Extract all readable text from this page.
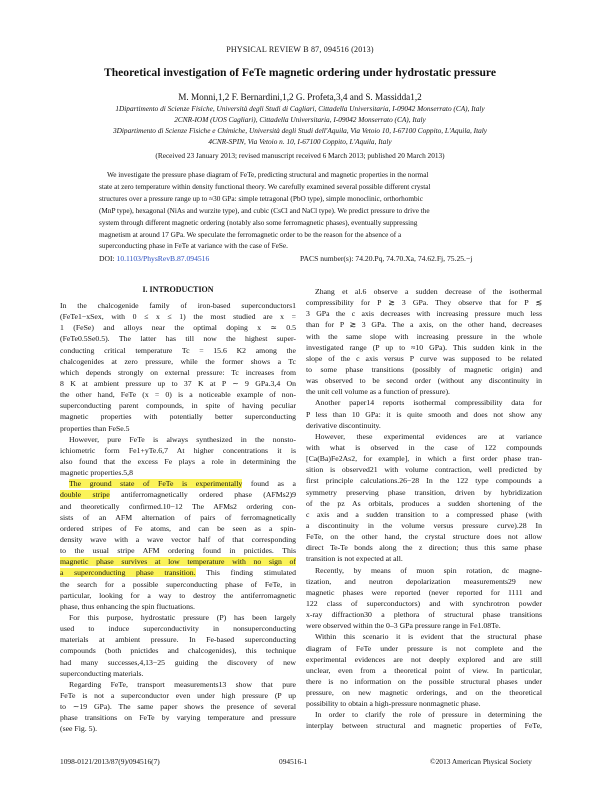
PHYSICAL REVIEW B 87, 094516 (2013)
Theoretical investigation of FeTe magnetic ordering under hydrostatic pressure
M. Monni,1,2 F. Bernardini,1,2 G. Profeta,3,4 and S. Massidda1,2
1Dipartimento di Scienze Fisiche, Università degli Studi di Cagliari, Cittadella Universitaria, I-09042 Monserrato (CA), Italy
2CNR-IOM (UOS Cagliari), Cittadella Universitaria, I-09042 Monserrato (CA), Italy
3Dipartimento di Scienze Fisiche e Chimiche, Università degli Studi dell'Aquila, Via Vetoio 10, I-67100 Coppito, L'Aquila, Italy
4CNR-SPIN, Via Vetoio n. 10, I-67100 Coppito, L'Aquila, Italy
(Received 23 January 2013; revised manuscript received 6 March 2013; published 20 March 2013)
We investigate the pressure phase diagram of FeTe, predicting structural and magnetic properties in the normal
state at zero temperature within density functional theory. We carefully examined several possible different crystal
structures over a pressure range up to ≈30 GPa: simple tetragonal (PbO type), simple monoclinic, orthorhombic
(MnP type), hexagonal (NiAs and wurzite type), and cubic (CsCl and NaCl type). We predict pressure to drive the
system through different magnetic ordering (notably also some ferromagnetic phases), eventually suppressing
magnetism at around 17 GPa. We speculate the ferromagnetic order to be the reason for the absence of a
superconducting phase in FeTe at variance with the case of FeSe.
DOI: 10.1103/PhysRevB.87.094516	PACS number(s): 74.20.Pq, 74.70.Xa, 74.62.Fj, 75.25.−j
I. INTRODUCTION
In the chalcogenide family of iron-based superconductors1
(FeTe1−xSex, with 0 ≤ x ≤ 1) the most studied are x =
1 (FeSe) and alloys near the optimal doping x ≃ 0.5
(FeTe0.5Se0.5). The latter has till now the highest super-
conducting critical temperature Tc = 15.6 K2 among the
chalcogenides at zero pressure, while the former shows a Tc
which depends strongly on external pressure: Tc increases from
8 K at ambient pressure up to 37 K at P ∼ 9 GPa.3,4 On
the other hand, FeTe (x = 0) is a noticeable example of non-
superconducting parent compounds, in spite of having peculiar
magnetic properties with potentially better superconducting
properties than FeSe.5
However, pure FeTe is always synthesized in the nonsto-
ichiometric form Fe1+yTe.6,7 At higher concentrations it is
also found that the excess Fe plays a role in determining the
magnetic properties.5,8
The ground state of FeTe is experimentally found as a
double stripe antiferromagnetically ordered phase (AFMs2)9
and theoretically confirmed.10−12 The AFMs2 ordering con-
sists of an AFM alternation of pairs of ferromagnetically
ordered stripes of Fe atoms, and can be seen as a spin-
density wave with a wave vector half of that corresponding
to the usual stripe AFM ordering found in pnictides. This
magnetic phase survives at low temperature with no sign of
a superconducting phase transition. This finding stimulated
the search for a possible superconducting phase of FeTe, in
particular, looking for a way to destroy the antiferromagnetic
phase, thus enhancing the spin fluctuations.
For this purpose, hydrostatic pressure (P) has been largely
used to induce superconductivity in nonsuperconducting
materials at ambient pressure. In Fe-based superconducting
compounds (both pnictides and chalcogenides), this technique
had many successes,4,13−25 guiding the discovery of new
superconducting materials.
Regarding FeTe, transport measurements13 show that pure
FeTe is not a superconductor even under high pressure (P up
to ∼19 GPa). The same paper shows the presence of several
phase transitions on FeTe by varying temperature and pressure
(see Fig. 5).
Zhang et al.6 observe a sudden decrease of the isothermal
compressibility for P ≳ 3 GPa. They observe that for P ≲
3 GPa the c axis decreases with increasing pressure much less
than for P ≳ 3 GPa. The a axis, on the other hand, decreases
with the same slope with increasing pressure in the whole
investigated range (P up to ≈10 GPa). This sudden kink in the
slope of the c axis versus P curve was supposed to be related
to some phase transitions (possibly of magnetic origin) and
was observed to be second order (without any discontinuity in
the unit cell volume as a function of pressure).
Another paper14 reports isothermal compressibility data for
P less than 10 GPa: it is quite smooth and does not show any
derivative discontinuity.
However, these experimental evidences are at variance
with what is observed in the case of 122 compounds
[Ca(Ba)Fe2As2, for example], in which a first order phase tran-
sition is observed21 with volume contraction, well predicted by
first principle calculations.26−28 In the 122 type compounds a
symmetry preserving phase transition, driven by hybridization
of the pz As orbitals, produces a sudden shortening of the
c axis and a sudden transition to a compressed phase (with
a discontinuity in the volume versus pressure curve).28 In
FeTe, on the other hand, the crystal structure does not allow
direct Te-Te bonds along the z direction; thus this same phase
transition is not expected at all.
Recently, by means of muon spin rotation, dc magne-
tization, and neutron depolarization measurements29 new
magnetic phases were reported (never reported for 1111 and
122 class of superconductors) and with synchrotron powder
x-ray diffraction30 a plethora of structural phase transitions
were observed within the 0–3 GPa pressure range in Fe1.08Te.
Within this scenario it is evident that the structural phase
diagram of FeTe under pressure is not complete and the
experimental evidences are not deeply explored and are still
unclear, even from a theoretical point of view. In particular,
there is no information on the possible structural phases under
pressure, on new magnetic orderings, and on the theoretical
possibility to obtain a high-pressure nonmagnetic phase.
In order to clarify the role of pressure in determining the
interplay between structural and magnetic properties of FeTe,
1098-0121/2013/87(9)/094516(7)	094516-1	©2013 American Physical Society
